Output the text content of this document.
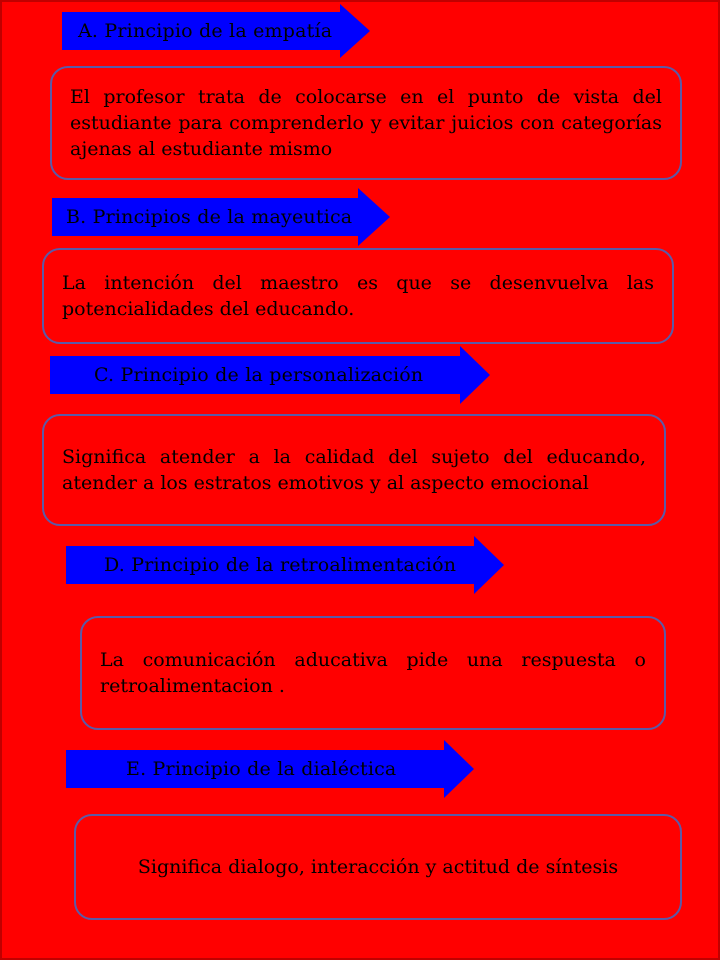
A. Principio de la empatía

El profesor trata de colocarse en el punto de vista del estudiante para comprenderlo y evitar juicios con categorías ajenas al estudiante mismo

B. Principios de la mayeutica

La intención del maestro es que se desenvuelva las potencialidades del educando.

C. Principio de la personalización

Significa atender a la calidad del sujeto del educando, atender a los estratos emotivos y al aspecto emocional

D. Principio de la retroalimentación

La comunicación aducativa pide una respuesta o retroalimentacion .

E. Principio de la dialéctica

Significa dialogo, interacción y actitud de síntesis
